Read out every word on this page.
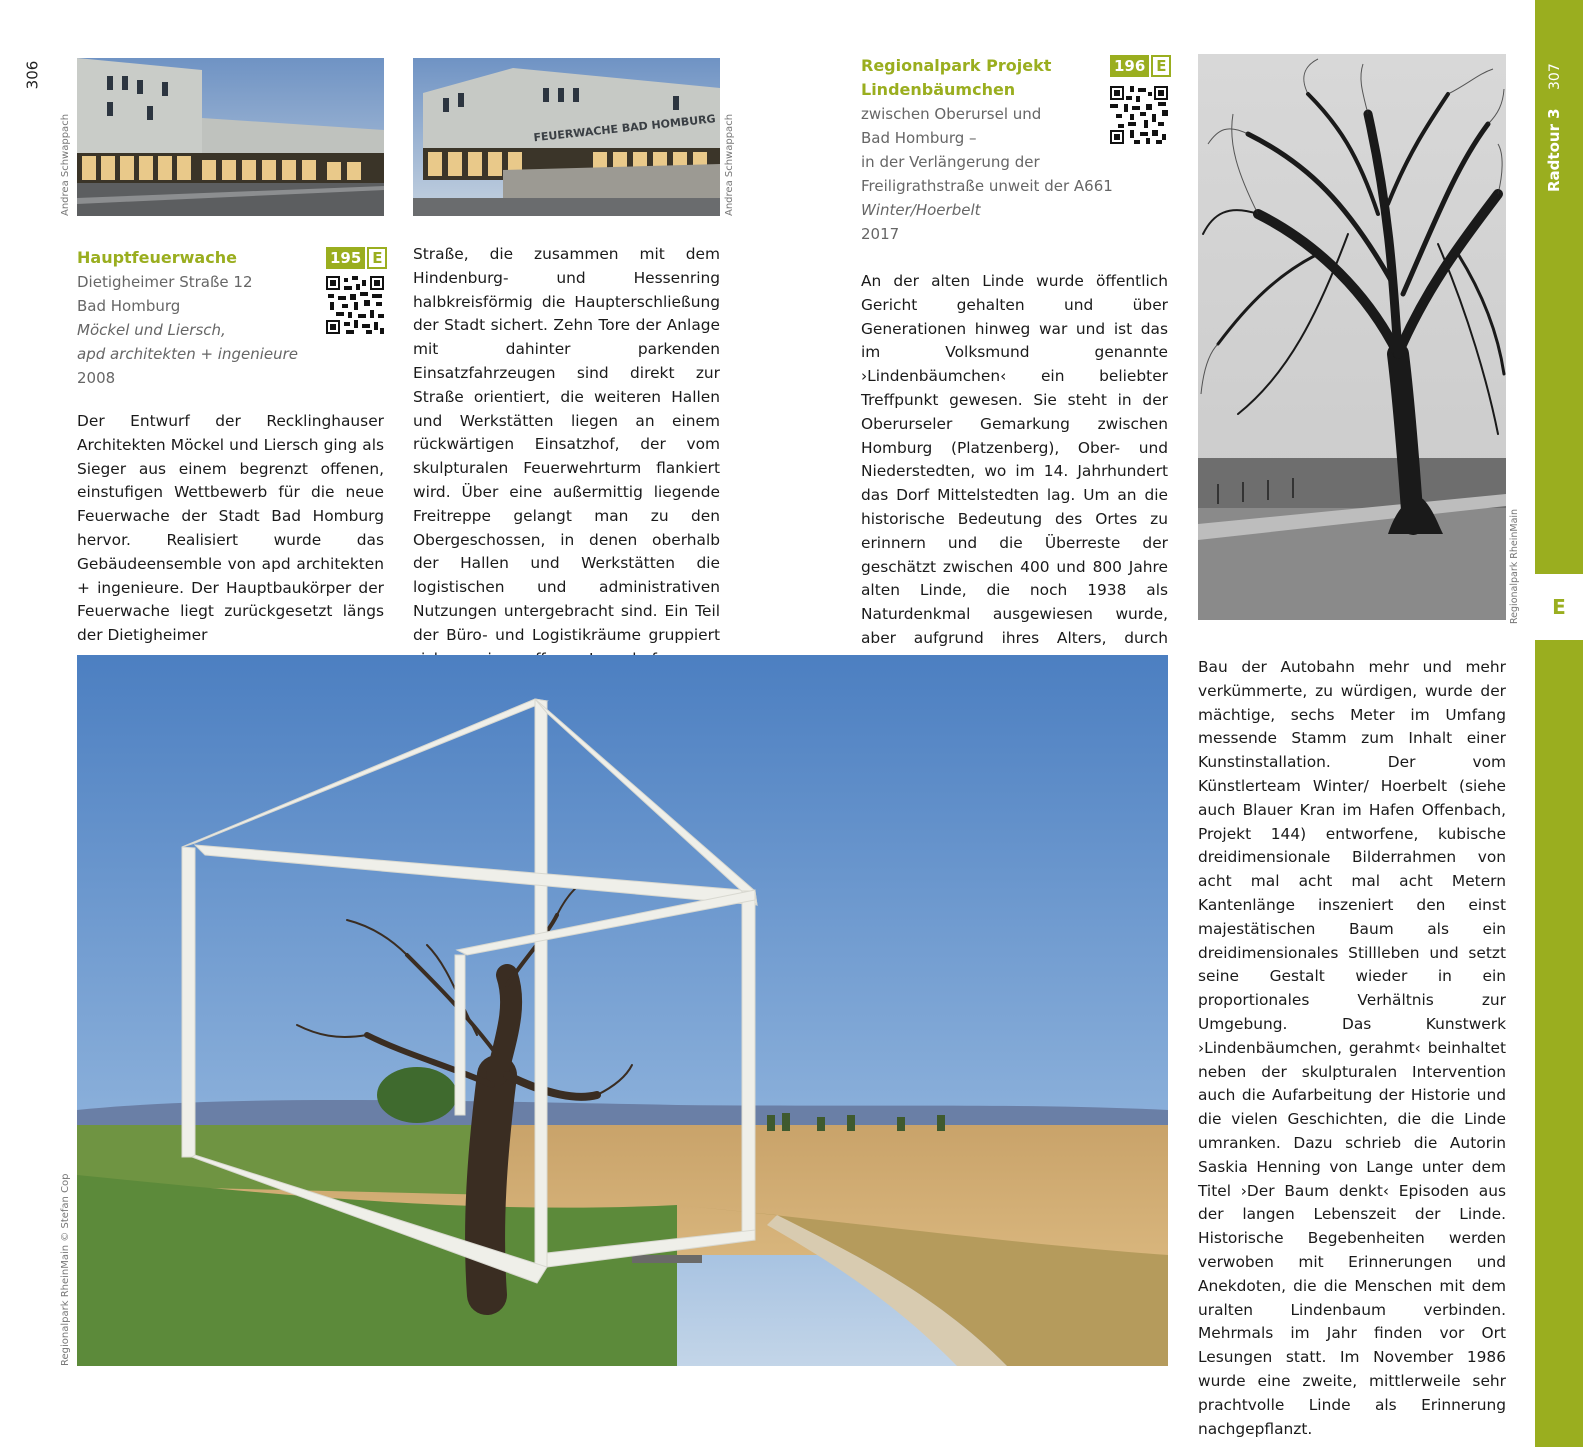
306
Andrea Schwappach	FEUERWACHE BAD HOMBURG Andrea Schwappach
Hauptfeuerwache
Dietigheimer Straße 12
Bad Homburg
Möckel und Liersch,
apd architekten + ingenieure
2008
195 E

Der Entwurf der Recklinghauser Architekten Möckel und Liersch ging als Sieger aus einem begrenzt offenen, einstufigen Wettbewerb für die neue Feuerwache der Stadt Bad Homburg hervor. Realisiert wurde das Gebäudeensemble von apd architekten + ingenieure. Der Hauptbaukörper der Feuerwache liegt zurückgesetzt längs der Dietigheimer

Straße, die zusammen mit dem Hindenburg- und Hessenring halbkreisförmig die Haupterschließung der Stadt sichert. Zehn Tore der Anlage mit dahinter parkenden Einsatzfahrzeugen sind direkt zur Straße orientiert, die weiteren Hallen und Werkstätten liegen an einem rückwärtigen Einsatzhof, der vom skulpturalen Feuerwehrturm flankiert wird. Über eine außermittig liegende Freitreppe gelangt man zu den Obergeschossen, in denen oberhalb der Hallen und Werkstätten die logistischen und administrativen Nutzungen untergebracht sind. Ein Teil der Büro- und Logistikräume gruppiert

Regionalpark Projekt
Lindenbäumchen
zwischen Oberursel und
Bad Homburg –
in der Verlängerung der
Freiligrathstraße unweit der A661
Winter/Hoerbelt
2017
196 E

An der alten Linde wurde öffentlich Gericht gehalten und über Generationen hinweg war und ist das im Volksmund genannte ›Lindenbäumchen‹ ein beliebter Treffpunkt gewesen. Sie steht in der Oberurseler Gemarkung zwischen Homburg (Platzenberg), Ober- und Niederstedten, wo im 14. Jahrhundert das Dorf Mittelstedten lag. Um an die historische Bedeutung des Ortes zu erinnern und die Überreste der geschätzt zwischen 400 und 800 Jahre alten Linde, die noch 1938 als Naturdenkmal ausgewiesen wurde, aber aufgrund ihres Alters, durch

Regionalpark RheinMain
Regionalpark RheinMain © Stefan Cop

Bau der Autobahn mehr und mehr verkümmerte, zu würdigen, wurde der mächtige, sechs Meter im Umfang messende Stamm zum Inhalt einer Kunstinstallation. Der vom Künstlerteam Winter/ Hoerbelt (siehe auch Blauer Kran im Hafen Offenbach, Projekt 144) entworfene, kubische dreidimensionale Bilderrahmen von acht mal acht mal acht Metern Kantenlänge inszeniert den einst majestätischen Baum als ein dreidimensionales Stillleben und setzt seine Gestalt wieder in ein proportionales Verhältnis zur Umgebung. Das Kunstwerk ›Lindenbäumchen, gerahmt‹ beinhaltet neben der skulpturalen Intervention auch die Aufarbeitung der Historie und die vielen Geschichten, die die Linde umranken. Dazu schrieb die Autorin Saskia Henning von Lange unter dem Titel ›Der Baum denkt‹ Episoden aus der langen Lebenszeit der Linde. Historische Begebenheiten werden verwoben mit Erinnerungen und Anekdoten, die die Menschen mit dem uralten Lindenbaum verbinden. Mehrmals im Jahr finden vor Ort Lesungen statt. Im November 1986 wurde eine zweite, mittlerweile sehr prachtvolle Linde als Erinnerung nachgepflanzt.

E
Radtour 3
307
